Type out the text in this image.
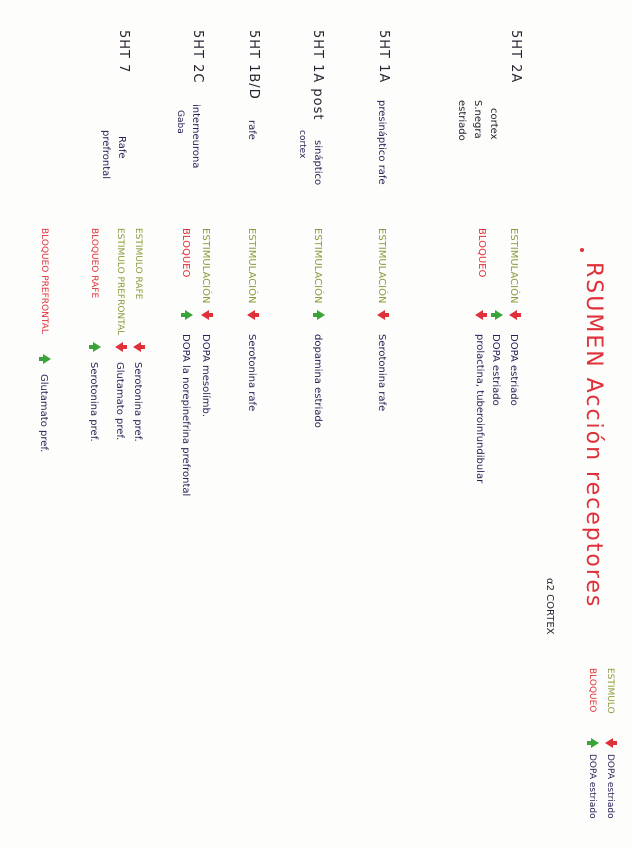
RSUMEN Acción receptores
5HT 2A
cortex
S.negra
estriado
ESTIMULACIÓN
DOPA estriado
DOPA estriado
BLOQUEO
prolactina, tuberoinfundibular
5HT 1A
presináptico rafe
ESTIMULACIÓN
Serotonina rafe
5HT 1A post
sináptico
cortex
ESTIMULACIÓN
dopamina estriado
5HT 1B/D
rafe
ESTIMULACIÓN
Serotonina rafe
5HT 2C
interneurona
Gaba
ESTIMULACIÓN
DOPA mesolímb.
BLOQUEO
DOPA la norepinefrina prefrontal
5HT 7
Rafe
prefrontal
ESTIMULO RAFE
Serotonina pref.
ESTIMULO PREFRONTAL
Glutamato pref.
BLOQUEO RAFE
Serotonina pref.
BLOQUEO PREFRONTAL
Glutamato pref.
α2 CORTEX
ESTIMULO
DOPA estriado
BLOQUEO
DOPA estriado
